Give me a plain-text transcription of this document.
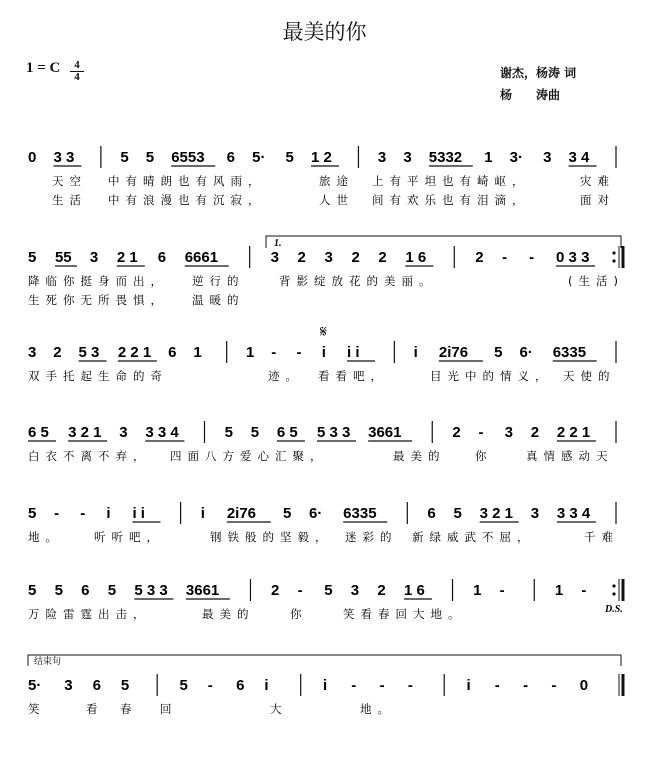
最美的你
1 = C	4
4	谢杰，杨涛 词
杨　　涛曲
0 3 3	5 5 6553 6 5· 5 1 2	3 3 5332 1 3· 3 3 4
天空 中有晴朗也有风雨，	旅途 上有平坦也有崎岖，	灾难
生活 中有浪漫也有沉寂，	人世 间有欢乐也有泪滴，	面对
5 55 3 2 1 6 6661	3 2 3 2 2 1 6	2 - - 0 3 3
降临你挺身而出， 逆行的	背影绽放花的美丽。	(生活)
生死你无所畏惧， 温暖的
3 2 5 3 2 2 1 6 1	1 - - i i i	i 2i76 5 6· 6335
双手托起生命的奇	迹。 看看吧，	目光中的情义， 天使的
6 5 3 2 1 3 3 3 4	5 5 6 5 5 3 3 3661	2 - 3 2 2 2 1
白衣不离不弃， 四面八方爱心汇聚，	最美的	你	真情感动天
5 - - i i i	i 2i76 5 6· 6335	6 5 3 2 1 3 3 3 4
地。	听听吧，	钢铁般的坚毅， 迷彩的 新绿威武不屈，	千难
5 5 6 5 5 3 3 3661	2 - 5 3 2 1 6	1 -	1 -
万险雷霆出击，	最美的	你	笑看春回大地。
5· 3 6 5	5 - 6 i	i - - -	i - - - 0
笑	看 春 回	大	地。
1.
结束句
𝄋
D.S.
